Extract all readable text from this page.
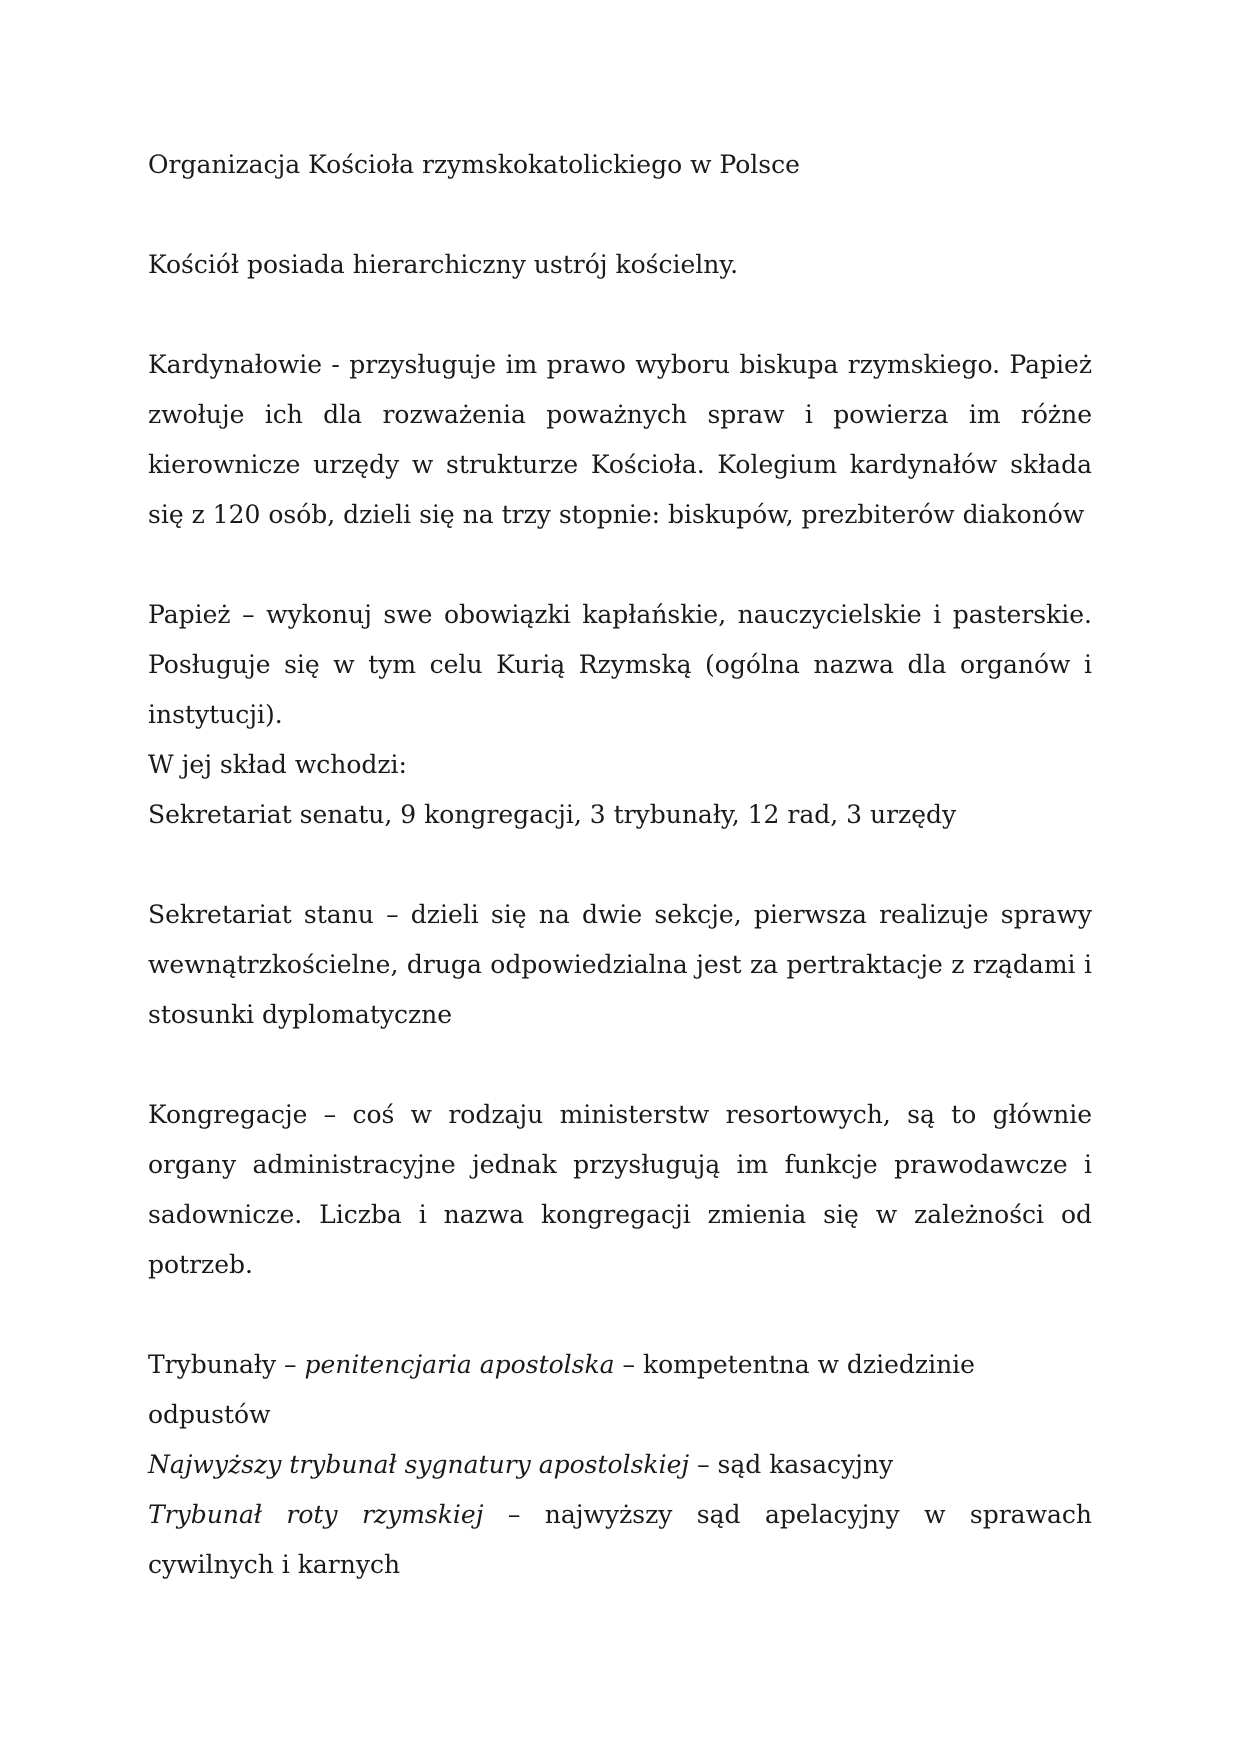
Organizacja Kościoła rzymskokatolickiego w Polsce

Kościół posiada hierarchiczny ustrój kościelny.

Kardynałowie - przysługuje im prawo wyboru biskupa rzymskiego. Papież zwołuje ich dla rozważenia poważnych spraw i powierza im różne kierownicze urzędy w strukturze Kościoła. Kolegium kardynałów składa się z 120 osób, dzieli się na trzy stopnie: biskupów, prezbiterów diakonów

Papież – wykonuj swe obowiązki kapłańskie, nauczycielskie i pasterskie. Posługuje się w tym celu Kurią Rzymską (ogólna nazwa dla organów i instytucji).

W jej skład wchodzi:

Sekretariat senatu, 9 kongregacji, 3 trybunały, 12 rad, 3 urzędy

Sekretariat stanu – dzieli się na dwie sekcje, pierwsza realizuje sprawy wewnątrzkościelne, druga odpowiedzialna jest za pertraktacje z rządami i stosunki dyplomatyczne

Kongregacje – coś w rodzaju ministerstw resortowych, są to głównie organy administracyjne jednak przysługują im funkcje prawodawcze i sadownicze. Liczba i nazwa kongregacji zmienia się w zależności od potrzeb.

Trybunały – penitencjaria apostolska – kompetentna w dziedzinie odpustów

Najwyższy trybunał sygnatury apostolskiej – sąd kasacyjny

Trybunał roty rzymskiej – najwyższy sąd apelacyjny w sprawach cywilnych i karnych
